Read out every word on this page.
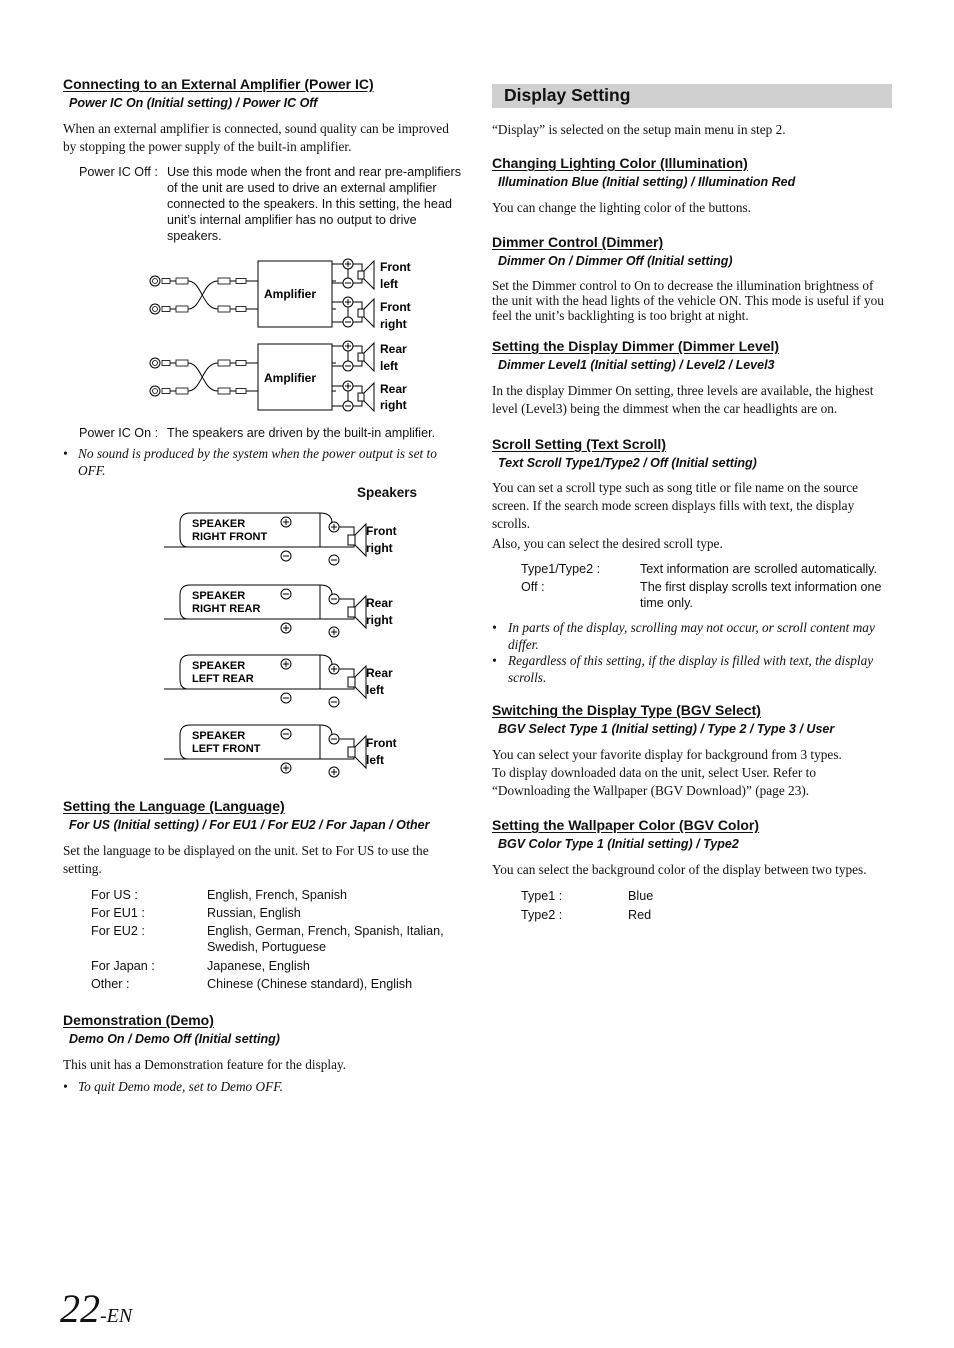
Connecting to an External Amplifier (Power IC)
Power IC On (Initial setting) / Power IC Off
When an external amplifier is connected, sound quality can be improved by stopping the power supply of the built-in amplifier.
Power IC Off : Use this mode when the front and rear pre-amplifiers of the unit are used to drive an external amplifier connected to the speakers. In this setting, the head unit’s internal amplifier has no output to drive speakers.
Amplifier
Front
left
Front
right
Amplifier
Rear
left
Rear
right
Power IC On : The speakers are driven by the built-in amplifier.
• No sound is produced by the system when the power output is set to OFF.
Speakers
SPEAKER
RIGHT FRONT	Front
right
SPEAKER
RIGHT REAR	Rear
right
SPEAKER
LEFT REAR	Rear
left
SPEAKER
LEFT FRONT	Front
left
Setting the Language (Language)
For US (Initial setting) / For EU1 / For EU2 / For Japan / Other
Set the language to be displayed on the unit. Set to For US to use the setting.
For US :	English, French, Spanish
For EU1 :	Russian, English
For EU2 :	English, German, French, Spanish, Italian, Swedish, Portuguese
For Japan :	Japanese, English
Other :	Chinese (Chinese standard), English
Demonstration (Demo)
Demo On / Demo Off (Initial setting)
This unit has a Demonstration feature for the display.
• To quit Demo mode, set to Demo OFF.
Display Setting
“Display” is selected on the setup main menu in step 2.
Changing Lighting Color (Illumination)
Illumination Blue (Initial setting) / Illumination Red
You can change the lighting color of the buttons.
Dimmer Control (Dimmer)
Dimmer On / Dimmer Off (Initial setting)
Set the Dimmer control to On to decrease the illumination brightness of the unit with the head lights of the vehicle ON. This mode is useful if you feel the unit’s backlighting is too bright at night.
Setting the Display Dimmer (Dimmer Level)
Dimmer Level1 (Initial setting) / Level2 / Level3
In the display Dimmer On setting, three levels are available, the highest level (Level3) being the dimmest when the car headlights are on.
Scroll Setting (Text Scroll)
Text Scroll Type1/Type2 / Off (Initial setting)
You can set a scroll type such as song title or file name on the source screen. If the search mode screen displays fills with text, the display scrolls.
Also, you can select the desired scroll type.
Type1/Type2 :	Text information are scrolled automatically.
Off :	The first display scrolls text information one time only.
• In parts of the display, scrolling may not occur, or scroll content may differ.
• Regardless of this setting, if the display is filled with text, the display scrolls.
Switching the Display Type (BGV Select)
BGV Select Type 1 (Initial setting) / Type 2 / Type 3 / User
You can select your favorite display for background from 3 types.
To display downloaded data on the unit, select User. Refer to “Downloading the Wallpaper (BGV Download)” (page 23).
Setting the Wallpaper Color (BGV Color)
BGV Color Type 1 (Initial setting) / Type2
You can select the background color of the display between two types.
Type1 :	Blue
Type2 :	Red
22-EN
